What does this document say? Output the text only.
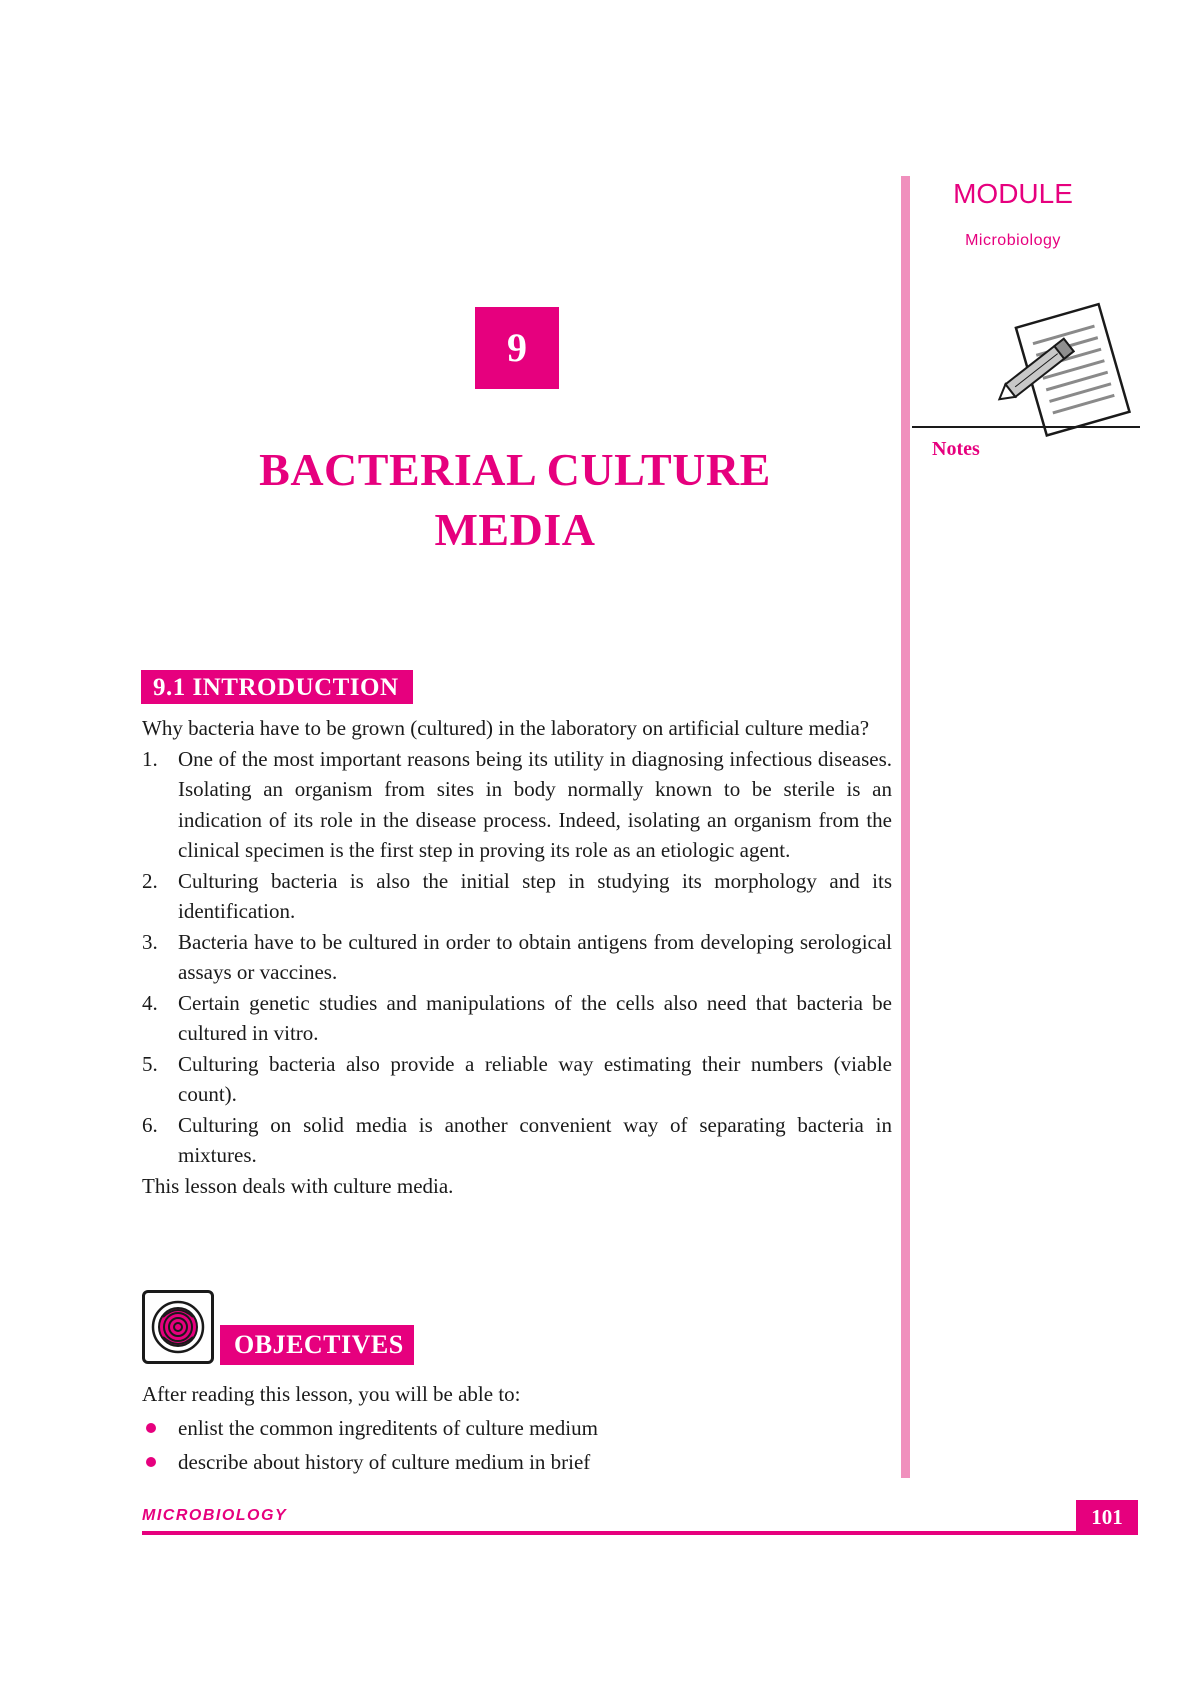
MODULE
Microbiology
Notes
9
BACTERIAL CULTURE
MEDIA
9.1 INTRODUCTION

Why bacteria have to be grown (cultured) in the laboratory on artificial culture media?

1. One of the most important reasons being its utility in diagnosing infectious diseases. Isolating an organism from sites in body normally known to be sterile is an indication of its role in the disease process. Indeed, isolating an organism from the clinical specimen is the first step in proving its role as an etiologic agent.
2. Culturing bacteria is also the initial step in studying its morphology and its identification.
3. Bacteria have to be cultured in order to obtain antigens from developing serological assays or vaccines.
4. Certain genetic studies and manipulations of the cells also need that bacteria be cultured in vitro.
5. Culturing bacteria also provide a reliable way estimating their numbers (viable count).
6. Culturing on solid media is another convenient way of separating bacteria in mixtures.

This lesson deals with culture media.

OBJECTIVES

After reading this lesson, you will be able to:

enlist the common ingreditents of culture medium
describe about history of culture medium in brief
MICROBIOLOGY	101
